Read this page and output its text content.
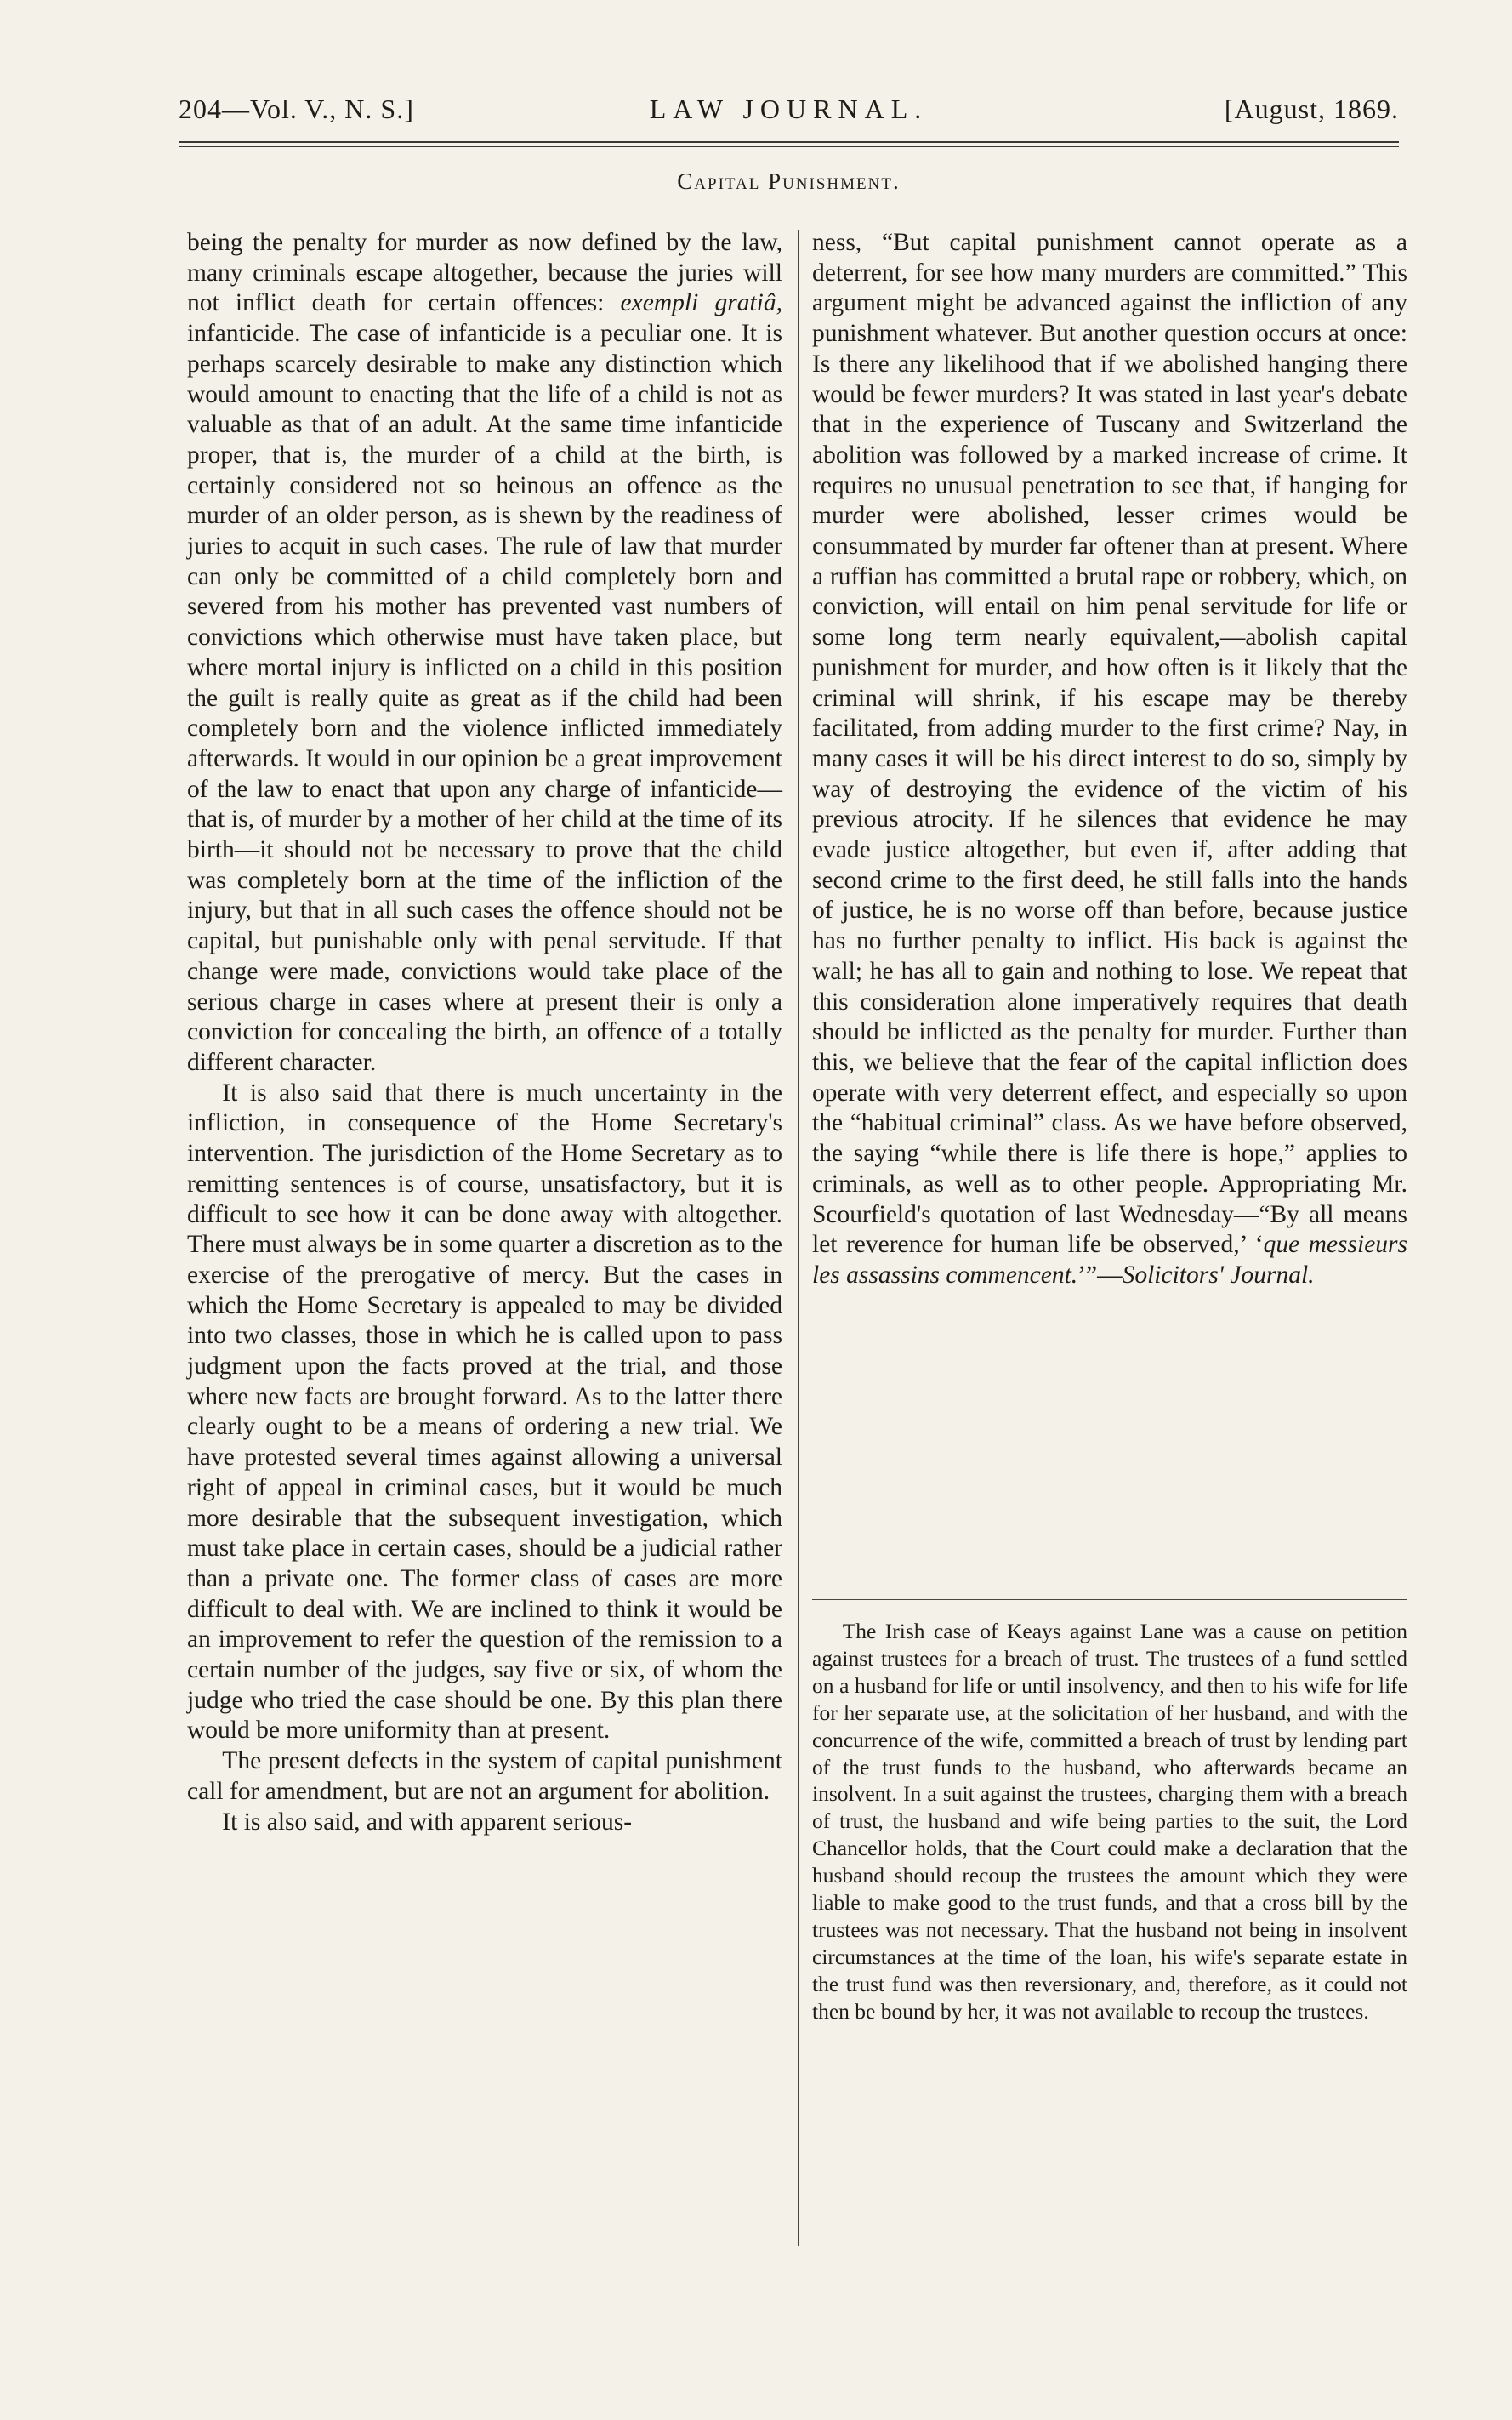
204—Vol. V., N. S.]	LAW JOURNAL.	[August, 1869.
Capital Punishment.

being the penalty for murder as now defined by the law, many criminals escape altogether, because the juries will not inflict death for certain offences: exempli gratiâ, infanticide. The case of infanticide is a peculiar one. It is perhaps scarcely desirable to make any distinction which would amount to enacting that the life of a child is not as valuable as that of an adult. At the same time infanticide proper, that is, the murder of a child at the birth, is certainly considered not so heinous an offence as the murder of an older person, as is shewn by the readiness of juries to acquit in such cases. The rule of law that murder can only be committed of a child completely born and severed from his mother has prevented vast numbers of convictions which otherwise must have taken place, but where mortal injury is inflicted on a child in this position the guilt is really quite as great as if the child had been completely born and the violence inflicted immediately afterwards. It would in our opinion be a great improvement of the law to enact that upon any charge of infanticide—that is, of murder by a mother of her child at the time of its birth—it should not be necessary to prove that the child was completely born at the time of the infliction of the injury, but that in all such cases the offence should not be capital, but punishable only with penal servitude. If that change were made, convictions would take place of the serious charge in cases where at present their is only a conviction for concealing the birth, an offence of a totally different character.

It is also said that there is much uncertainty in the infliction, in consequence of the Home Secretary's intervention. The jurisdiction of the Home Secretary as to remitting sentences is of course, unsatisfactory, but it is difficult to see how it can be done away with altogether. There must always be in some quarter a discretion as to the exercise of the prerogative of mercy. But the cases in which the Home Secretary is appealed to may be divided into two classes, those in which he is called upon to pass judgment upon the facts proved at the trial, and those where new facts are brought forward. As to the latter there clearly ought to be a means of ordering a new trial. We have protested several times against allowing a universal right of appeal in criminal cases, but it would be much more desirable that the subsequent investigation, which must take place in certain cases, should be a judicial rather than a private one. The former class of cases are more difficult to deal with. We are inclined to think it would be an improvement to refer the question of the remission to a certain number of the judges, say five or six, of whom the judge who tried the case should be one. By this plan there would be more uniformity than at present.

The present defects in the system of capital punishment call for amendment, but are not an argument for abolition.

It is also said, and with apparent serious-

ness, “But capital punishment cannot operate as a deterrent, for see how many murders are committed.” This argument might be advanced against the infliction of any punishment whatever. But another question occurs at once: Is there any likelihood that if we abolished hanging there would be fewer murders? It was stated in last year's debate that in the experience of Tuscany and Switzerland the abolition was followed by a marked increase of crime. It requires no unusual penetration to see that, if hanging for murder were abolished, lesser crimes would be consummated by murder far oftener than at present. Where a ruffian has committed a brutal rape or robbery, which, on conviction, will entail on him penal servitude for life or some long term nearly equivalent,—abolish capital punishment for murder, and how often is it likely that the criminal will shrink, if his escape may be thereby facilitated, from adding murder to the first crime? Nay, in many cases it will be his direct interest to do so, simply by way of destroying the evidence of the victim of his previous atrocity. If he silences that evidence he may evade justice altogether, but even if, after adding that second crime to the first deed, he still falls into the hands of justice, he is no worse off than before, because justice has no further penalty to inflict. His back is against the wall; he has all to gain and nothing to lose. We repeat that this consideration alone imperatively requires that death should be inflicted as the penalty for murder. Further than this, we believe that the fear of the capital infliction does operate with very deterrent effect, and especially so upon the “habitual criminal” class. As we have before observed, the saying “while there is life there is hope,” applies to criminals, as well as to other people. Appropriating Mr. Scourfield's quotation of last Wednesday—“By all means let reverence for human life be observed,’ ‘que messieurs les assassins commencent.’”—Solicitors' Journal.

The Irish case of Keays against Lane was a cause on petition against trustees for a breach of trust. The trustees of a fund settled on a husband for life or until insolvency, and then to his wife for life for her separate use, at the solicitation of her husband, and with the concurrence of the wife, committed a breach of trust by lending part of the trust funds to the husband, who afterwards became an insolvent. In a suit against the trustees, charging them with a breach of trust, the husband and wife being parties to the suit, the Lord Chancellor holds, that the Court could make a declaration that the husband should recoup the trustees the amount which they were liable to make good to the trust funds, and that a cross bill by the trustees was not necessary. That the husband not being in insolvent circumstances at the time of the loan, his wife's separate estate in the trust fund was then reversionary, and, therefore, as it could not then be bound by her, it was not available to recoup the trustees.
